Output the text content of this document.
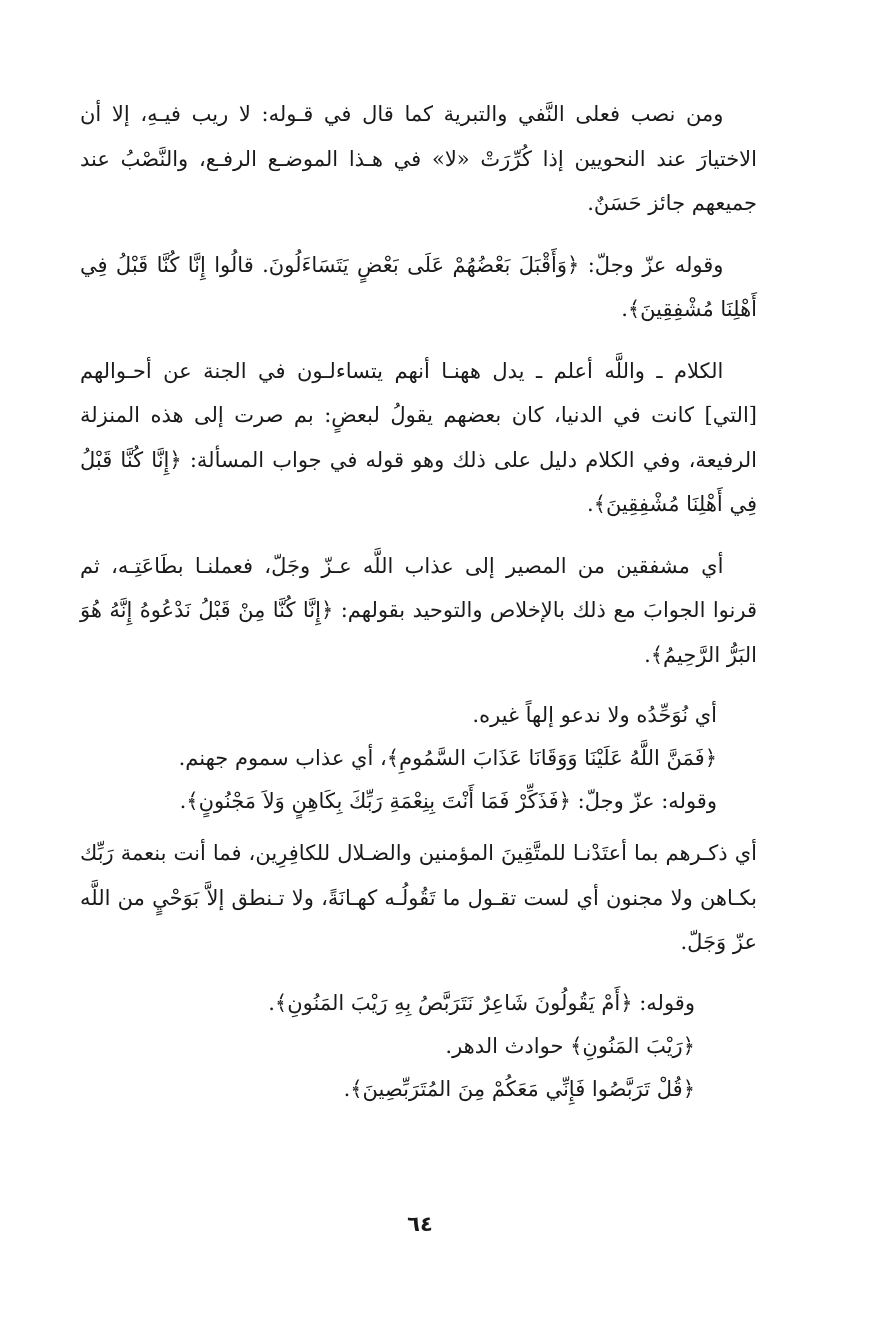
ومن نصب فعلى النَّفي والتبرية كما قال في قـوله: لا ريب فيـهِ، إلا أن الاختيارَ عند النحويين إذا كُرِّرَتْ «لا» في هـذا الموضـع الرفـع، والنَّصْبُ عند جميعهم جائز حَسَنٌ.

وقوله عزّ وجلّ: ﴿وَأَقْبَلَ بَعْضُهُمْ عَلَى بَعْضٍ يَتَسَاءَلُونَ. قالُوا إِنَّا كُنَّا قَبْلُ فِي أَهْلِنَا مُشْفِقِينَ﴾.

الكلام ـ واللَّه أعلم ـ يدل ههنـا أنهم يتساءلـون في الجنة عن أحـوالهم [التي] كانت في الدنيا، كان بعضهم يقولُ لبعضٍ: بم صرت إلى هذه المنزلة الرفيعة، وفي الكلام دليل على ذلك وهو قوله في جواب المسألة: ﴿إِنَّا كُنَّا قَبْلُ فِي أَهْلِنَا مُشْفِقِينَ﴾.

أي مشفقين من المصير إلى عذاب اللَّه عـزّ وجَلّ، فعملنـا بطَاعَتِـه، ثم قرنوا الجوابَ مع ذلك بالإخلاص والتوحيد بقولهم: ﴿إِنَّا كُنَّا مِنْ قَبْلُ نَدْعُوهُ إِنَّهُ هُوَ البَرُّ الرَّحِيمُ﴾.

أي نُوَحِّدُه ولا ندعو إلهاً غيره.

﴿فَمَنَّ اللَّهُ عَلَيْنَا وَوَقَانَا عَذَابَ السَّمُومِ﴾، أي عذاب سموم جهنم.

وقوله: عزّ وجلّ: ﴿فَذَكِّرْ فَمَا أَنْتَ بِنِعْمَةِ رَبِّكَ بِكَاهِنٍ وَلاَ مَجْنُونٍ﴾.

أي ذكـرهم بما أعتَدْنـا للمتَّقِينَ المؤمنين والضـلال للكافِرِين، فما أنت بنعمة رَبِّك بكـاهن ولا مجنون أي لست تقـول ما تَقُولُـه كهـانَةً، ولا تـنطق إلاَّ بَوَحْيٍ من اللَّه عزّ وَجَلّ.

وقوله: ﴿أَمْ يَقُولُونَ شَاعِرٌ نَتَرَبَّصُ بِهِ رَيْبَ المَنُونِ﴾.

﴿رَيْبَ المَنُونِ﴾ حوادث الدهر.

﴿قُلْ تَرَبَّصُوا فَإِنِّي مَعَكُمْ مِنَ المُتَرَبِّصِينَ﴾.

٦٤
